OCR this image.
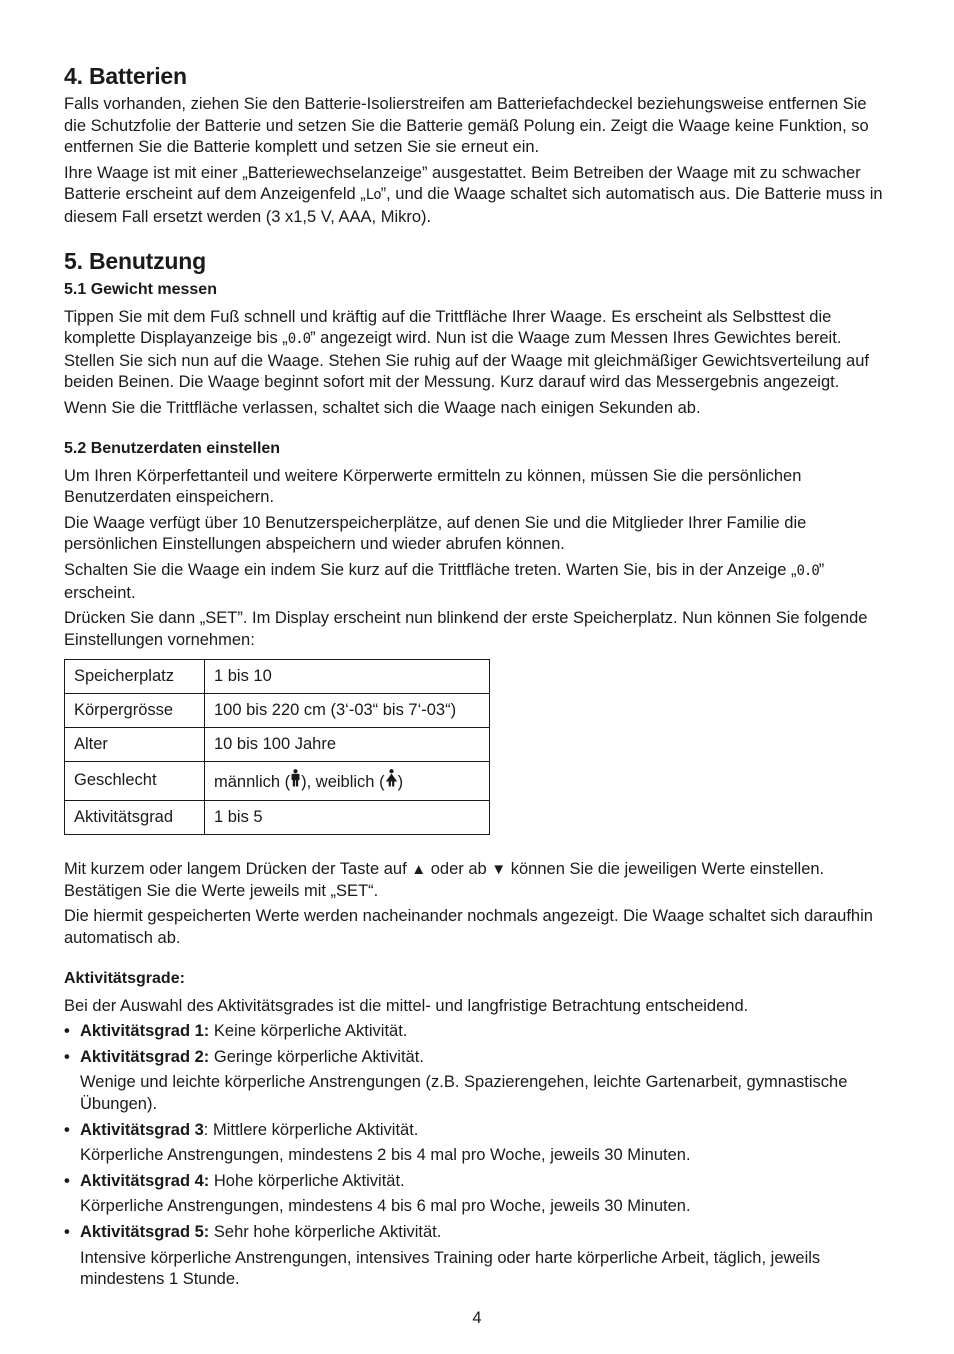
4. Batterien

Falls vorhanden, ziehen Sie den Batterie-Isolierstreifen am Batteriefachdeckel beziehungsweise entfernen Sie die Schutzfolie der Batterie und setzen Sie die Batterie gemäß Polung ein. Zeigt die Waage keine Funktion, so entfernen Sie die Batterie komplett und setzen Sie sie erneut ein.

Ihre Waage ist mit einer „Batteriewechselanzeige” ausgestattet. Beim Betreiben der Waage mit zu schwacher Batterie erscheint auf dem Anzeigenfeld „Lo”, und die Waage schaltet sich automatisch aus. Die Batterie muss in diesem Fall ersetzt werden (3 x1,5 V, AAA, Mikro).

5. Benutzung
5.1 Gewicht messen

Tippen Sie mit dem Fuß schnell und kräftig auf die Trittfläche Ihrer Waage. Es erscheint als Selbsttest die komplette Displayanzeige bis „0.0” angezeigt wird. Nun ist die Waage zum Messen Ihres Gewichtes bereit. Stellen Sie sich nun auf die Waage. Stehen Sie ruhig auf der Waage mit gleichmäßiger Gewichtsverteilung auf beiden Beinen. Die Waage beginnt sofort mit der Messung. Kurz darauf wird das Messergebnis angezeigt.

Wenn Sie die Trittfläche verlassen, schaltet sich die Waage nach einigen Sekunden ab.

5.2 Benutzerdaten einstellen

Um Ihren Körperfettanteil und weitere Körperwerte ermitteln zu können, müssen Sie die persönlichen Benutzerdaten einspeichern.

Die Waage verfügt über 10 Benutzerspeicherplätze, auf denen Sie und die Mitglieder Ihrer Familie die persönlichen Einstellungen abspeichern und wieder abrufen können.

Schalten Sie die Waage ein indem Sie kurz auf die Trittfläche treten. Warten Sie, bis in der Anzeige „0.0” erscheint.

Drücken Sie dann „SET”. Im Display erscheint nun blinkend der erste Speicherplatz. Nun können Sie folgende Einstellungen vornehmen:

Speicherplatz	1 bis 10
Körpergrösse	100 bis 220 cm (3‘-03“ bis 7‘-03“)
Alter	10 bis 100 Jahre
Geschlecht	männlich ( ), weiblich ( )
Aktivitätsgrad	1 bis 5

Mit kurzem oder langem Drücken der Taste auf ▲ oder ab ▼ können Sie die jeweiligen Werte einstellen. Bestätigen Sie die Werte jeweils mit „SET“.

Die hiermit gespeicherten Werte werden nacheinander nochmals angezeigt. Die Waage schaltet sich daraufhin automatisch ab.

Aktivitätsgrade:

Bei der Auswahl des Aktivitätsgrades ist die mittel- und langfristige Betrachtung entscheidend.

• Aktivitätsgrad 1: Keine körperliche Aktivität.
• Aktivitätsgrad 2: Geringe körperliche Aktivität.
Wenige und leichte körperliche Anstrengungen (z.B. Spazierengehen, leichte Gartenarbeit, gymnastische Übungen).
• Aktivitätsgrad 3: Mittlere körperliche Aktivität.
Körperliche Anstrengungen, mindestens 2 bis 4 mal pro Woche, jeweils 30 Minuten.
• Aktivitätsgrad 4: Hohe körperliche Aktivität.
Körperliche Anstrengungen, mindestens 4 bis 6 mal pro Woche, jeweils 30 Minuten.
• Aktivitätsgrad 5: Sehr hohe körperliche Aktivität.
Intensive körperliche Anstrengungen, intensives Training oder harte körperliche Arbeit, täglich, jeweils mindestens 1 Stunde.
4
